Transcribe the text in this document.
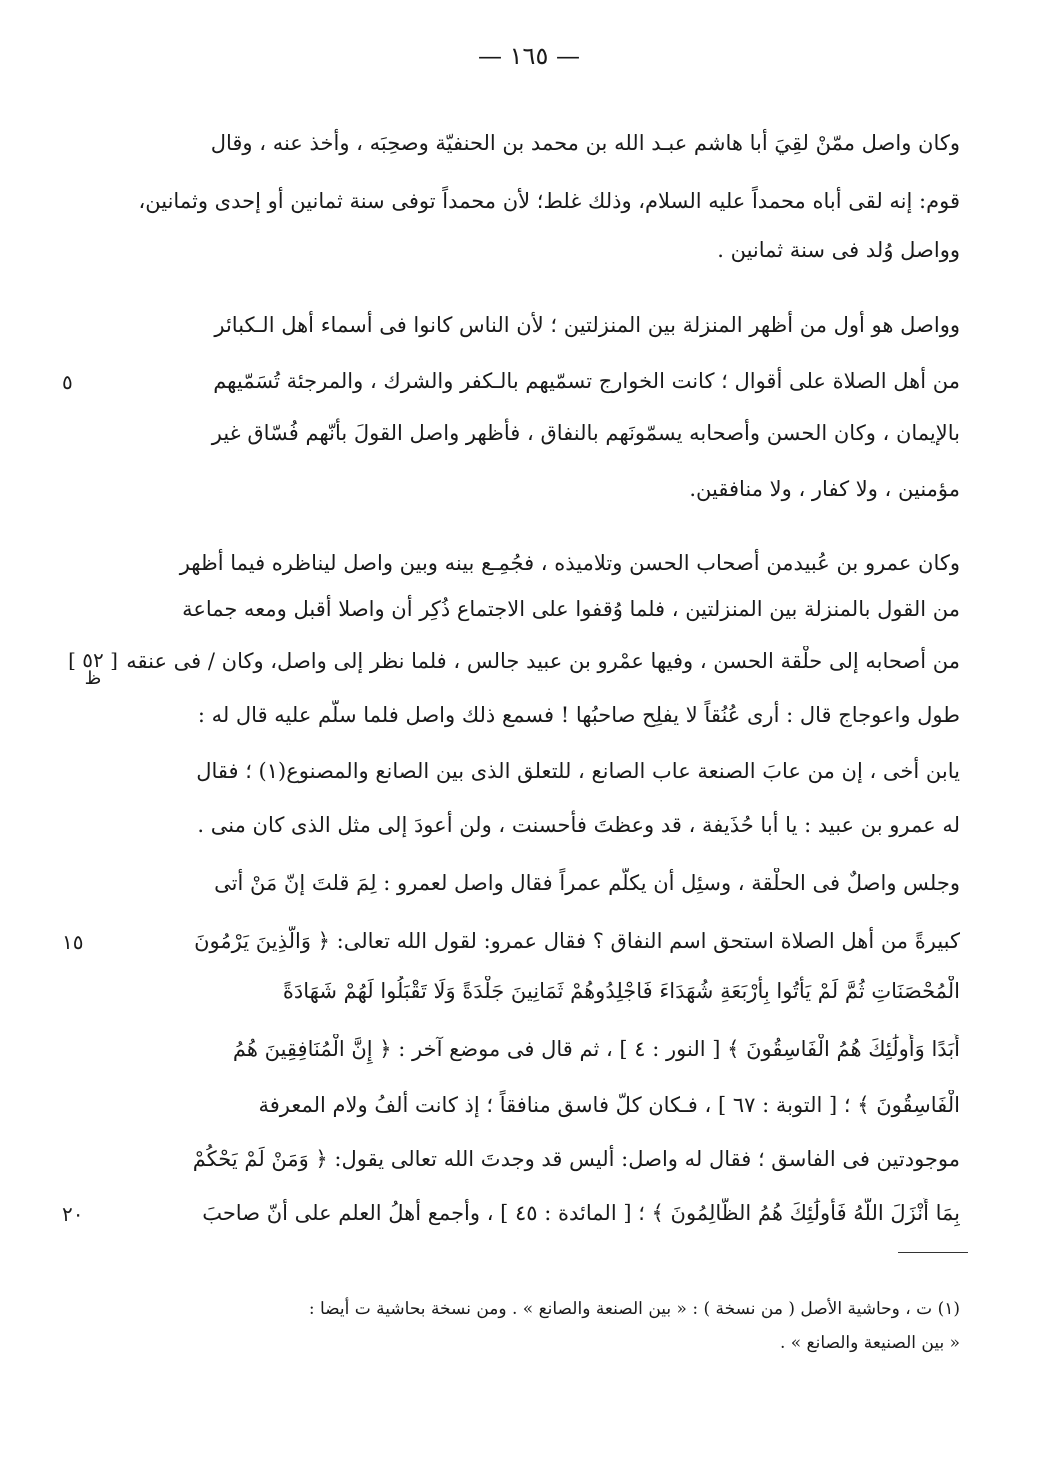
— ١٦٥ —
وكان واصل ممّنْ لقِيَ أبا هاشم عبـد الله بن محمد بن الحنفيّة وصحِبَه ، وأخذ عنه ، وقال
قوم: إنه لقى أباه محمداً عليه السلام، وذلك غلط؛ لأن محمداً توفى سنة ثمانين أو إحدى وثمانين،
وواصل وُلد فى سنة ثمانين .
وواصل هو أول من أظهر المنزلة بين المنزلتين ؛ لأن الناس كانوا فى أسماء أهل الـكبائر
من أهل الصلاة على أقوال ؛ كانت الخوارج تسمّيهم بالـكفر والشرك ، والمرجئة تُسَمّيهم
بالإيمان ، وكان الحسن وأصحابه يسمّونَهم بالنفاق ، فأظهر واصل القولَ بأنّهم فُسّاق غير
مؤمنين ، ولا كفار ، ولا منافقين.
وكان عمرو بن عُبيدمن أصحاب الحسن وتلاميذه ، فجُمِـع بينه وبين واصل ليناظره فيما أظهر
من القول بالمنزلة بين المنزلتين ، فلما وُقفوا على الاجتماع ذُكِر أن واصلا أقبل ومعه جماعة
من أصحابه إلى حلْقة الحسن ، وفيها عمْرو بن عبيد جالس ، فلما نظر إلى واصل، وكان / فى عنقه
طول واعوجاج قال : أرى عُنُقاً لا يفلِح صاحبُها ! فسمع ذلك واصل فلما سلّم عليه قال له :
يابن أخى ، إن من عابَ الصنعة عاب الصانع ، للتعلق الذى بين الصانع والمصنوع(١) ؛ فقال
له عمرو بن عبيد : يا أبا حُذَيفة ، قد وعظتَ فأحسنت ، ولن أعودَ إلى مثل الذى كان منى .
وجلس واصلٌ فى الحلْقة ، وسئِل أن يكلّم عمراً فقال واصل لعمرو : لِمَ قلتَ إنّ مَنْ أتى
كبيرةً من أهل الصلاة استحق اسم النفاق ؟ فقال عمرو: لقول الله تعالى: ﴿ وَالَّذِينَ يَرْمُونَ
الْمُحْصَنَاتِ ثُمَّ لَمْ يَأْتُوا بِأَرْبَعَةِ شُهَدَاءَ فَاجْلِدُوهُمْ ثَمَانِينَ جَلْدَةً وَلَا تَقْبَلُوا لَهُمْ شَهَادَةً
أَبَدًا وَأُولَٰئِكَ هُمُ الْفَاسِقُونَ ﴾ [ النور : ٤ ] ، ثم قال فى موضع آخر : ﴿ إِنَّ الْمُنَافِقِينَ هُمُ
الْفَاسِقُونَ ﴾ ؛ [ التوبة : ٦٧ ] ، فـكان كلّ فاسق منافقاً ؛ إذ كانت ألفُ ولام المعرفة
موجودتين فى الفاسق ؛ فقال له واصل: أليس قد وجدتَ الله تعالى يقول: ﴿ وَمَنْ لَمْ يَحْكُمْ
بِمَا أَنْزَلَ اللَّهُ فَأُولَٰئِكَ هُمُ الظَّالِمُونَ ﴾ ؛ [ المائدة : ٤٥ ] ، وأجمع أهلُ العلم على أنّ صاحبَ
٥
١٥
٢٠
[ ٥٢ ]
ظ
(١) ت ، وحاشية الأصل ( من نسخة ) : « بين الصنعة والصانع » . ومن نسخة بحاشية ت أيضا :
« بين الصنيعة والصانع » .
